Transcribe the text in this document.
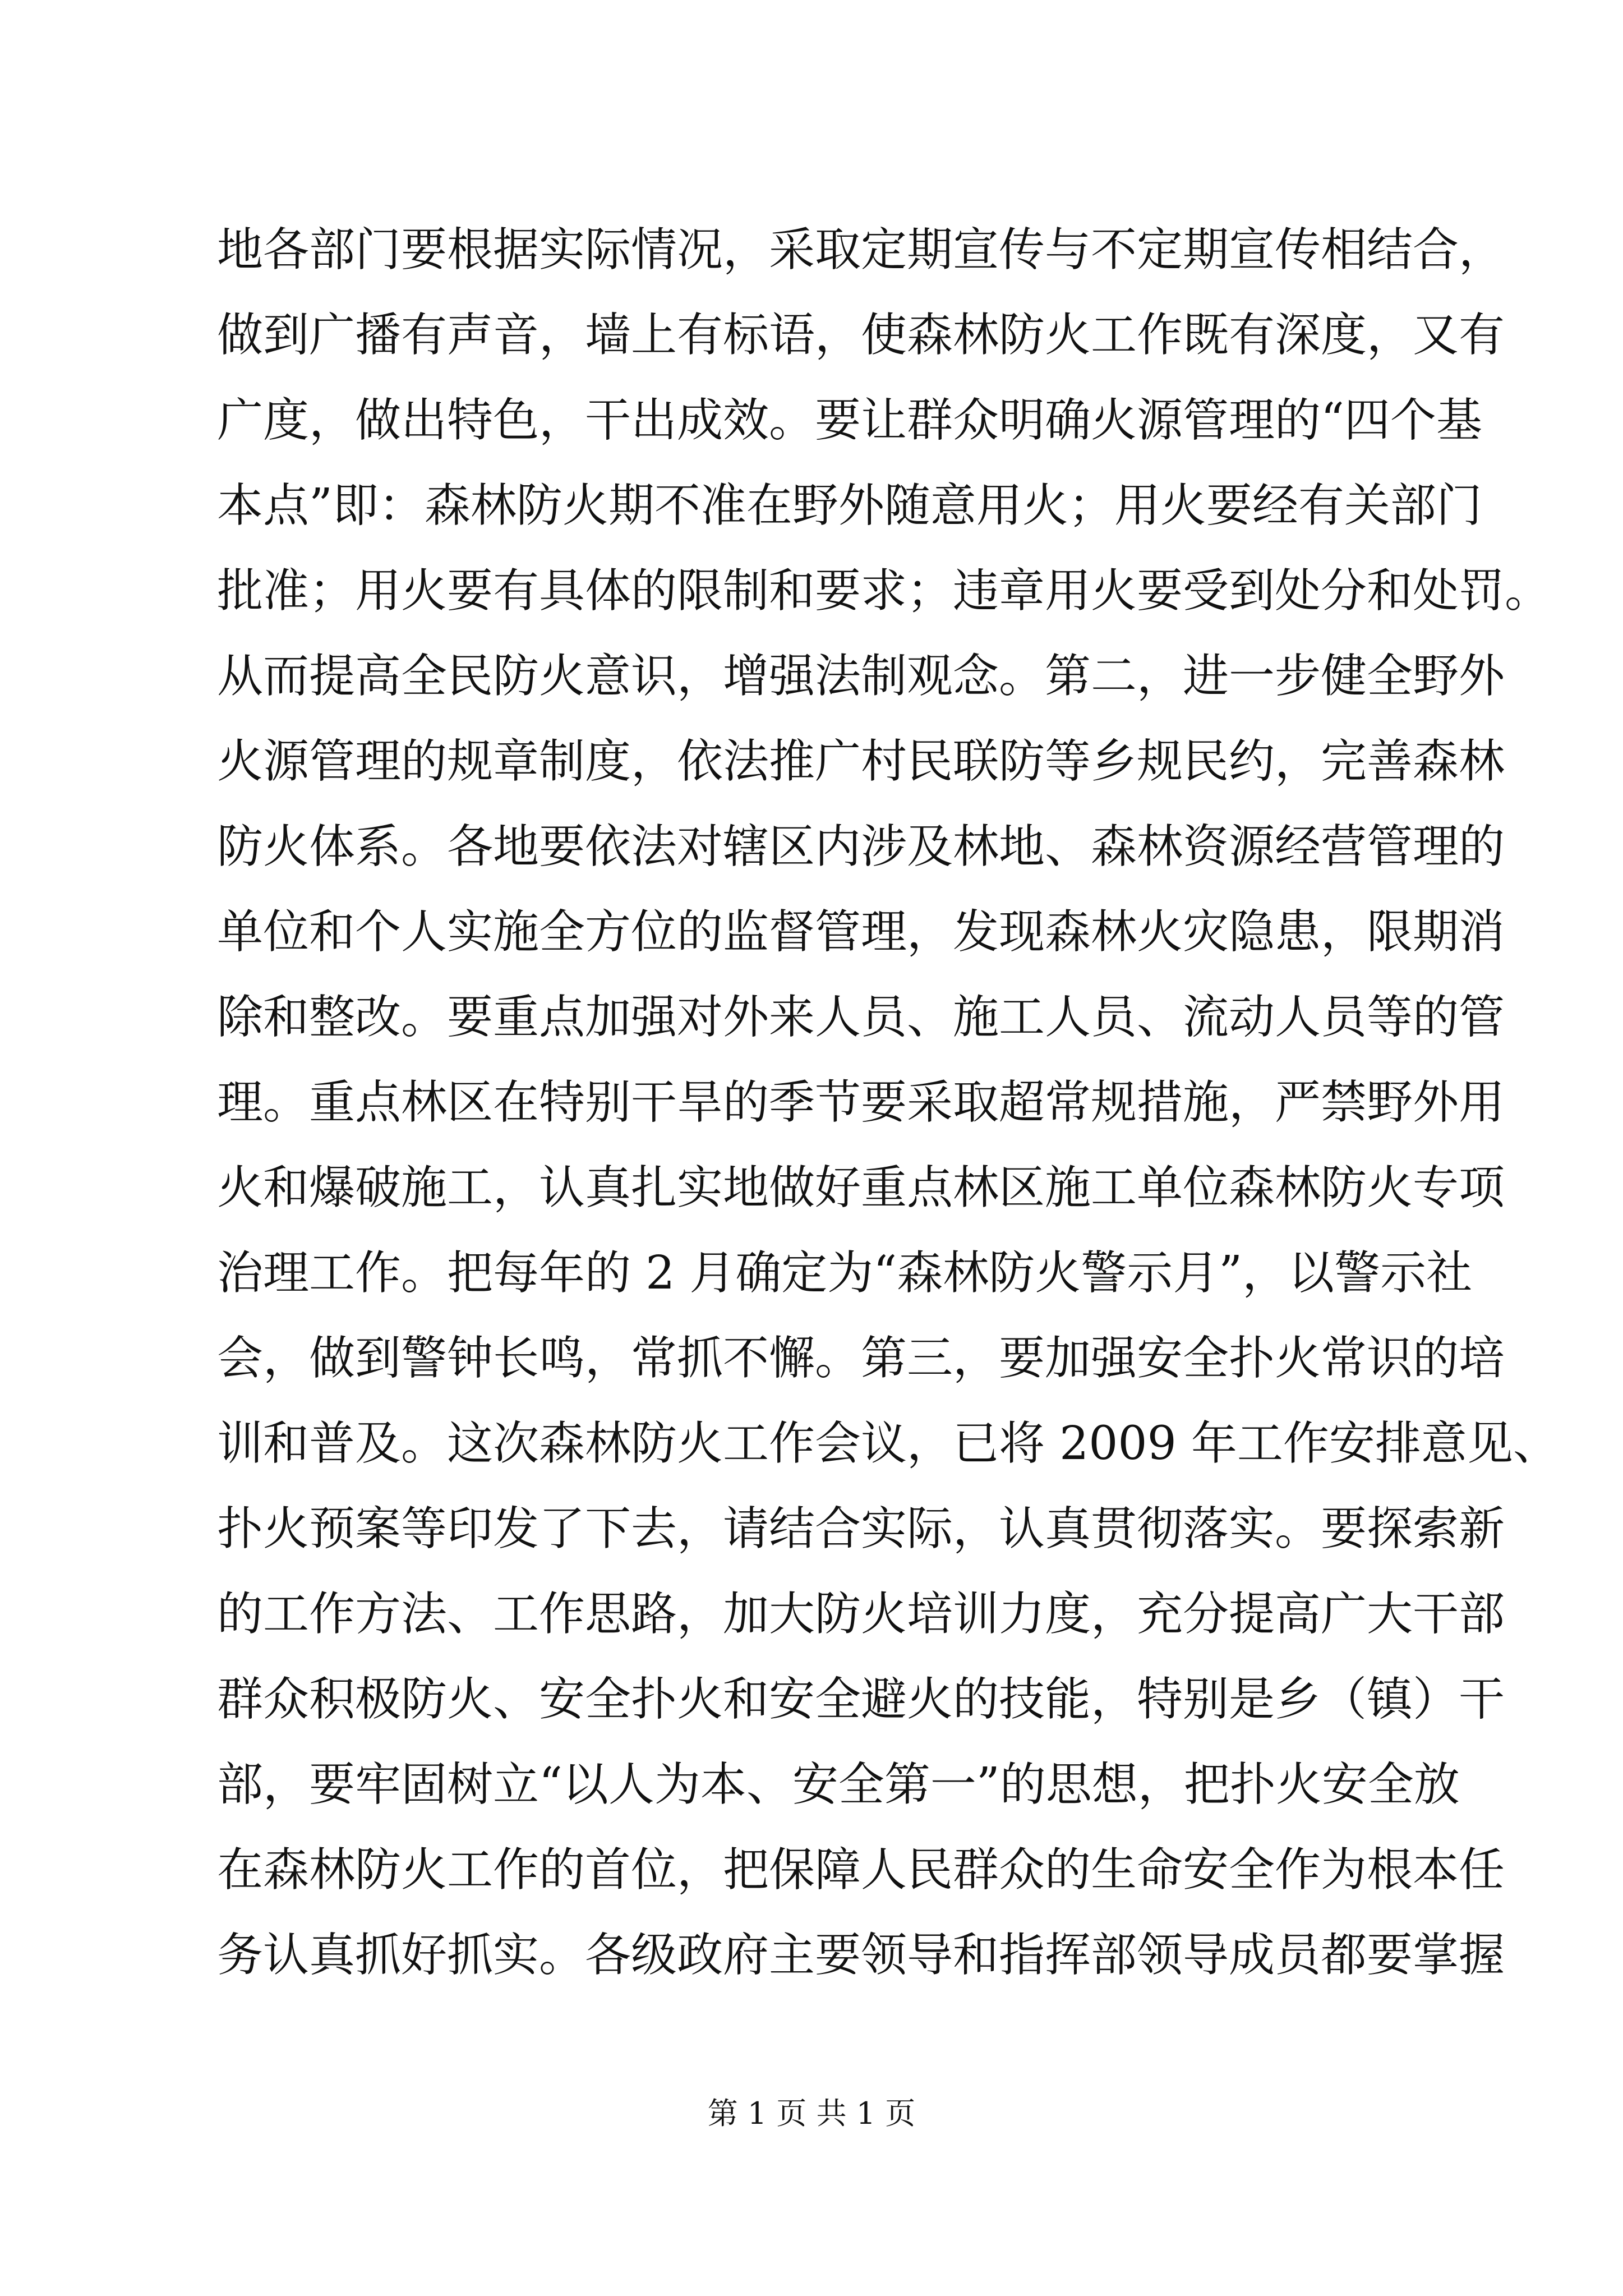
地各部门要根据实际情况，采取定期宣传与不定期宣传相结合，
做到广播有声音，墙上有标语，使森林防火工作既有深度，又有
广度，做出特色，干出成效。要让群众明确火源管理的“四个基
本点”即：森林防火期不准在野外随意用火；用火要经有关部门
批准；用火要有具体的限制和要求；违章用火要受到处分和处罚。
从而提高全民防火意识，增强法制观念。第二，进一步健全野外
火源管理的规章制度，依法推广村民联防等乡规民约，完善森林
防火体系。各地要依法对辖区内涉及林地、森林资源经营管理的
单位和个人实施全方位的监督管理，发现森林火灾隐患，限期消
除和整改。要重点加强对外来人员、施工人员、流动人员等的管
理。重点林区在特别干旱的季节要采取超常规措施，严禁野外用
火和爆破施工，认真扎实地做好重点林区施工单位森林防火专项
治理工作。把每年的 2 月确定为“森林防火警示月”，以警示社
会，做到警钟长鸣，常抓不懈。第三，要加强安全扑火常识的培
训和普及。这次森林防火工作会议，已将 2009 年工作安排意见、
扑火预案等印发了下去，请结合实际，认真贯彻落实。要探索新
的工作方法、工作思路，加大防火培训力度，充分提高广大干部
群众积极防火、安全扑火和安全避火的技能，特别是乡（镇）干
部，要牢固树立“以人为本、安全第一”的思想，把扑火安全放
在森林防火工作的首位，把保障人民群众的生命安全作为根本任
务认真抓好抓实。各级政府主要领导和指挥部领导成员都要掌握
第 1 页 共 1 页
